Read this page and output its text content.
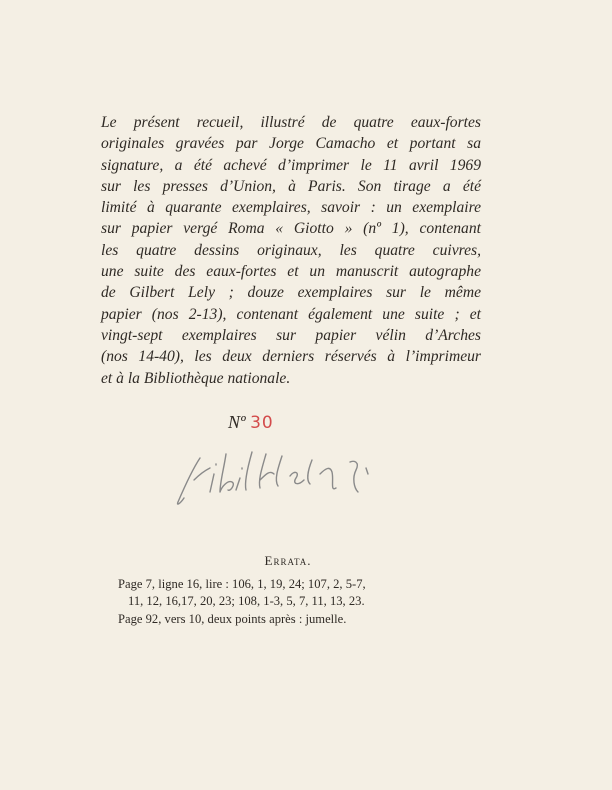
Le présent recueil, illustré de quatre eaux-fortes
originales gravées par Jorge Camacho et portant sa
signature, a été achevé d’imprimer le 11 avril 1969
sur les presses d’Union, à Paris. Son tirage a été
limité à quarante exemplaires, savoir : un exemplaire
sur papier vergé Roma « Giotto » (nº 1), contenant
les quatre dessins originaux, les quatre cuivres,
une suite des eaux-fortes et un manuscrit autographe
de Gilbert Lely ; douze exemplaires sur le même
papier (nos 2-13), contenant également une suite ; et
vingt-sept exemplaires sur papier vélin d’Arches
(nos 14-40), les deux derniers réservés à l’imprimeur
et à la Bibliothèque nationale.
Nº 30
Errata.
Page 7, ligne 16, lire : 106, 1, 19, 24; 107, 2, 5-7,
11, 12, 16,17, 20, 23; 108, 1-3, 5, 7, 11, 13, 23.
Page 92, vers 10, deux points après : jumelle.
